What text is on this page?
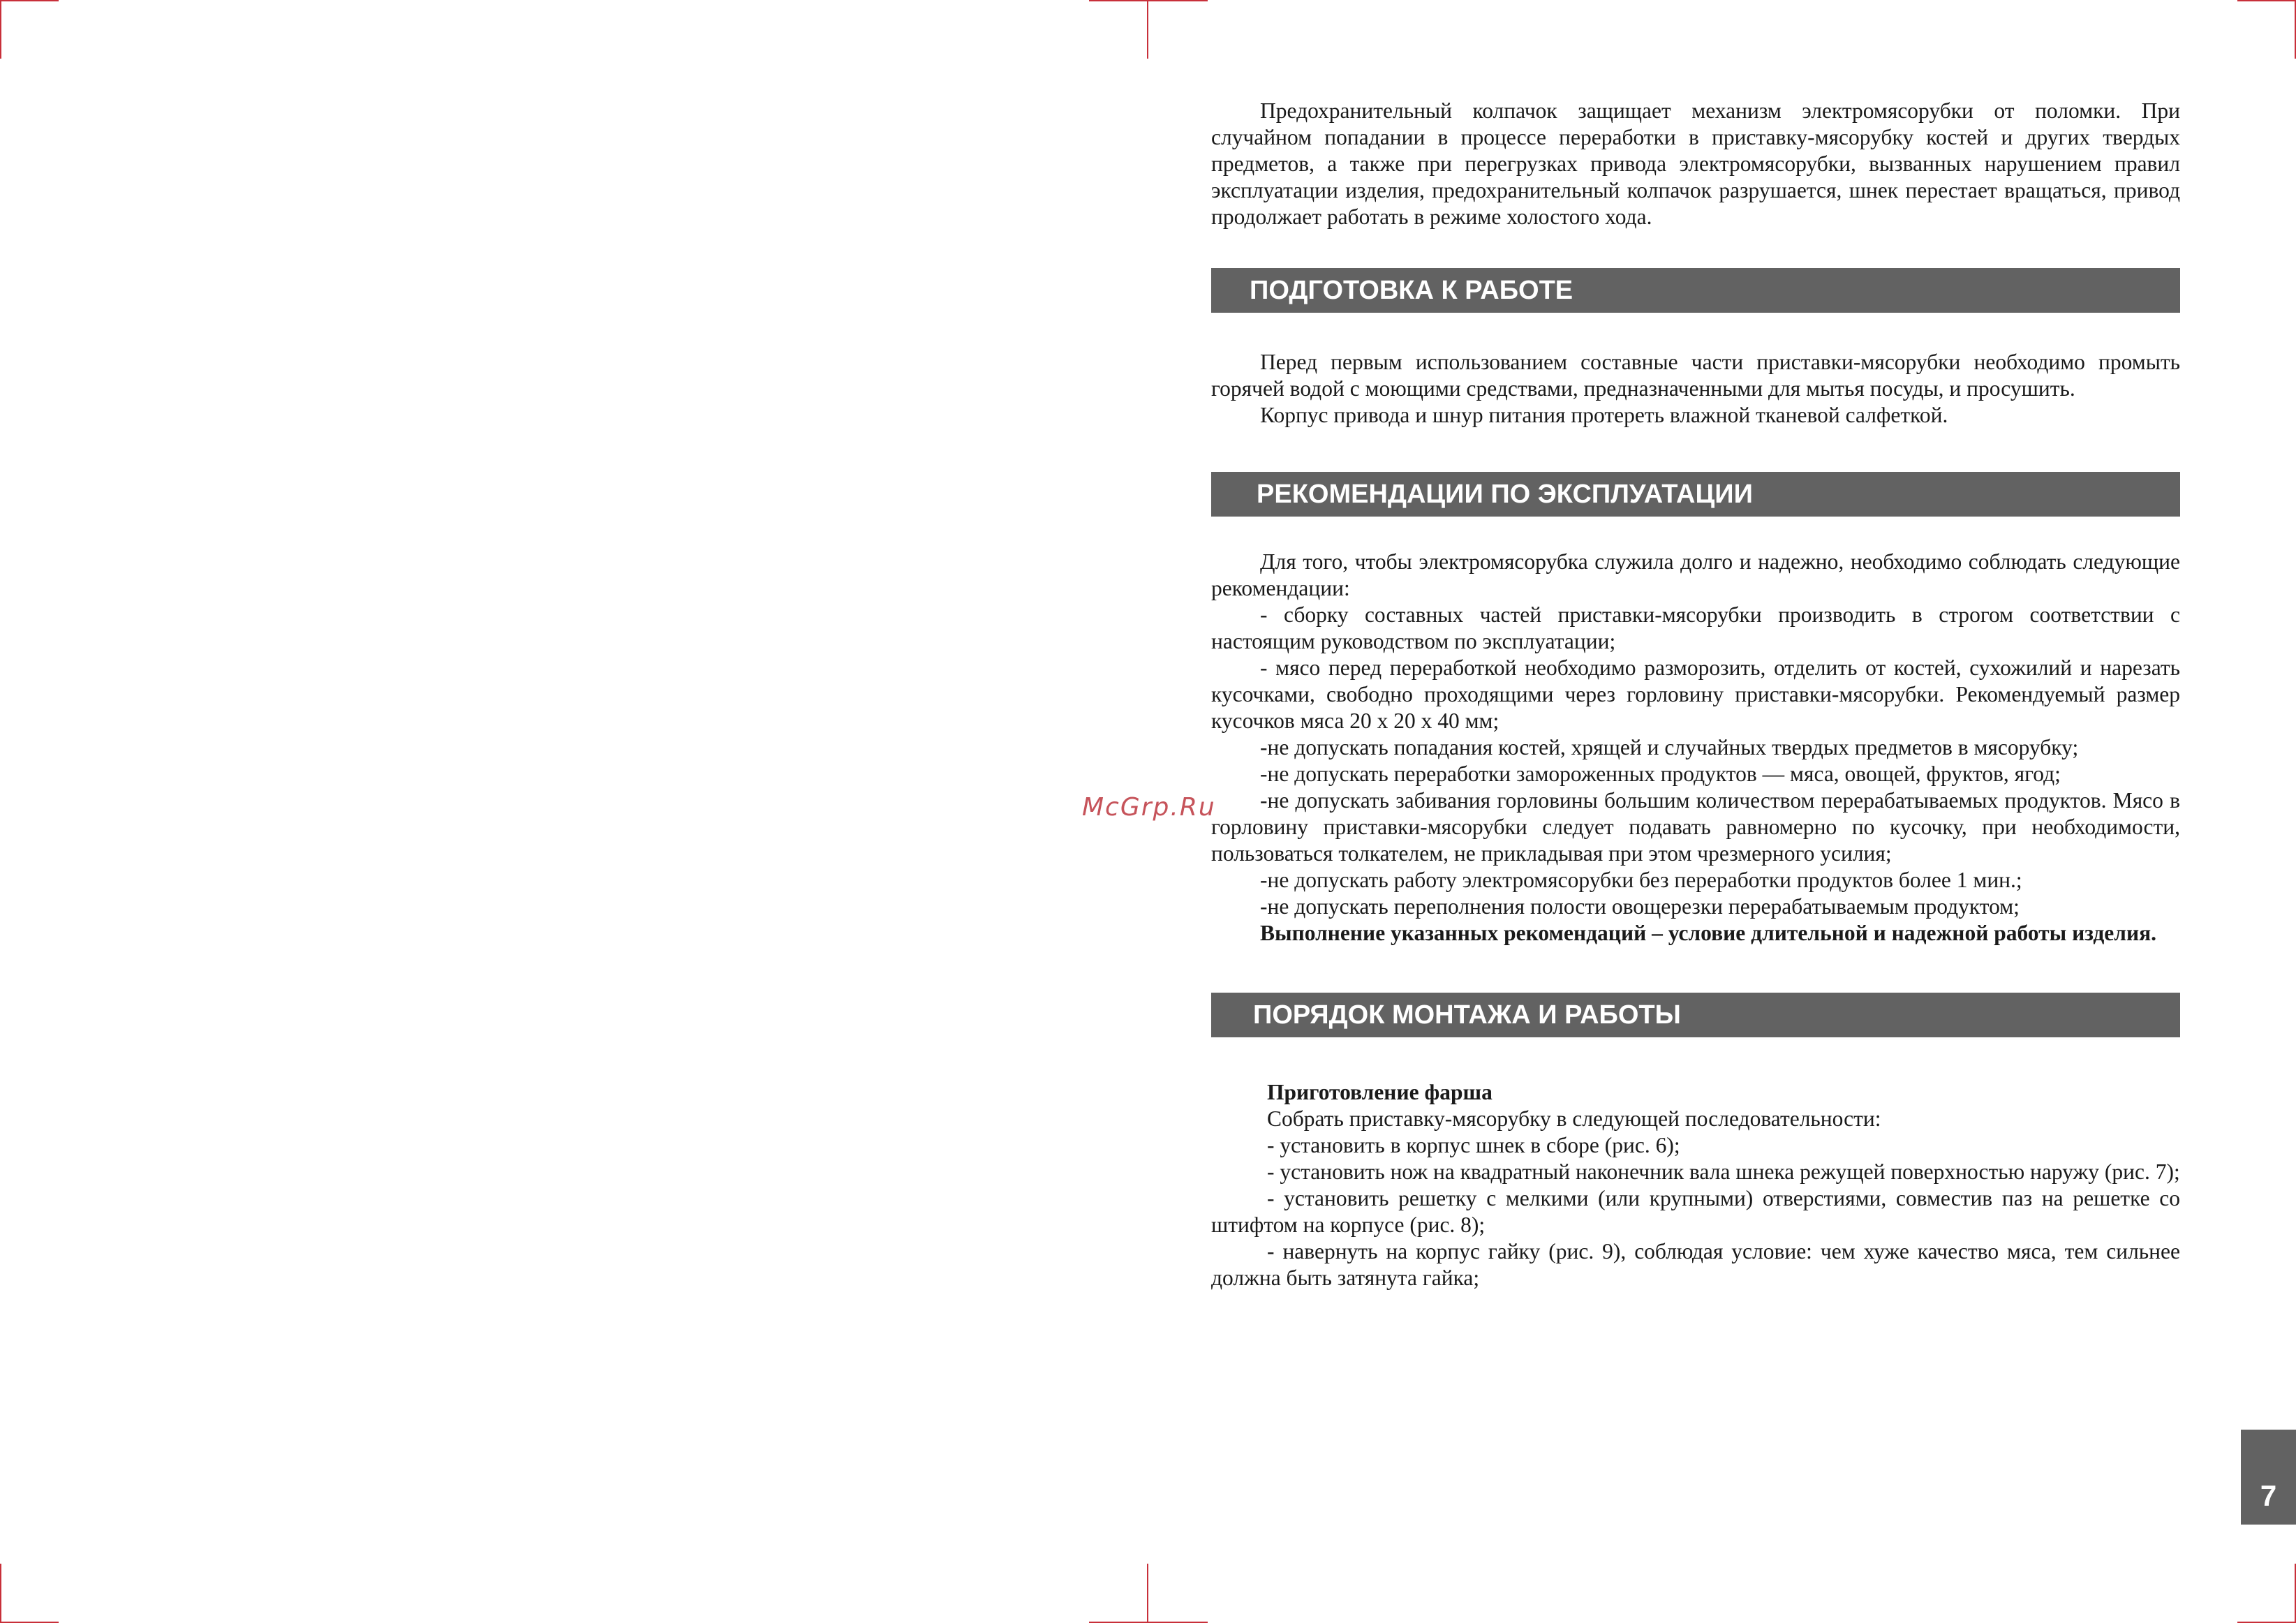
McGrp.Ru

Предохранительный колпачок защищает механизм электромясорубки от поломки. При случайном попадании в процессе переработки в приставку-мясорубку костей и других твердых предметов, а также при перегрузках привода электромясорубки, вызванных нарушением правил эксплуатации изделия, предохранительный колпачок разрушается, шнек перестает вращаться, привод продолжает работать в режиме холостого хода.

ПОДГОТОВКА К РАБОТЕ

Перед первым использованием составные части приставки-мясорубки необходимо промыть горячей водой с моющими средствами, предназначенными для мытья посуды, и просушить.

Корпус привода и шнур питания протереть влажной тканевой салфеткой.

РЕКОМЕНДАЦИИ ПО ЭКСПЛУАТАЦИИ

Для того, чтобы электромясорубка служила долго и надежно, необходимо соблюдать следующие рекомендации:

- сборку составных частей приставки-мясорубки производить в строгом соответствии с настоящим руководством по эксплуатации;

- мясо перед переработкой необходимо разморозить, отделить от костей, сухожилий и нарезать кусочками, свободно проходящими через горловину приставки-мясорубки. Рекомендуемый размер кусочков мяса 20 х 20 х 40 мм;

-не допускать попадания костей, хрящей и случайных твердых предметов в мясорубку;

-не допускать переработки замороженных продуктов — мяса, овощей, фруктов, ягод;

-не допускать забивания горловины большим количеством перерабатываемых продуктов. Мясо в горловину приставки-мясорубки следует подавать равномерно по кусочку, при необходимости, пользоваться толкателем, не прикладывая при этом чрезмерного усилия;

-не допускать работу электромясорубки без переработки продуктов более 1 мин.;

-не допускать переполнения полости овощерезки перерабатываемым продуктом;

Выполнение указанных рекомендаций – условие длительной и надежной работы изделия.

ПОРЯДОК МОНТАЖА И РАБОТЫ

Приготовление фарша

Собрать приставку-мясорубку в следующей последовательности:

- установить в корпус шнек в сборе (рис. 6);

- установить нож на квадратный наконечник вала шнека режущей поверхностью наружу (рис. 7);

- установить решетку с мелкими (или крупными) отверстиями, совместив паз на решетке со штифтом на корпусе (рис. 8);

- навернуть на корпус гайку (рис. 9), соблюдая условие: чем хуже качество мяса, тем сильнее должна быть затянута гайка;

7
